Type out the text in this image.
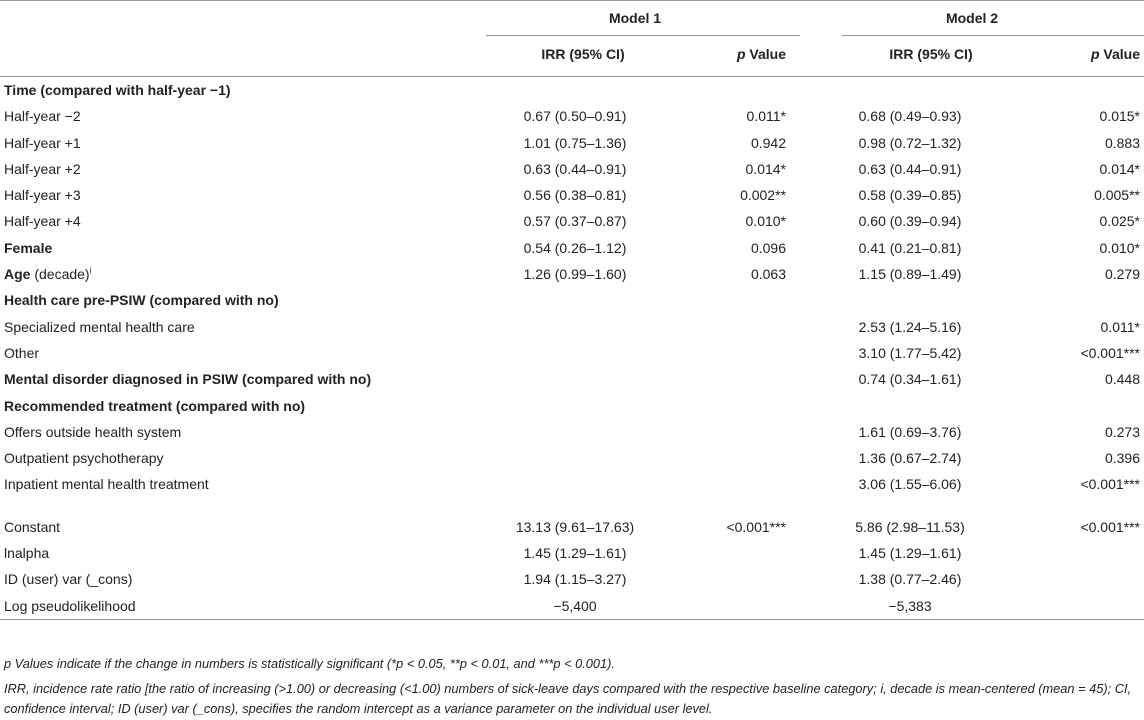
	Model 1		Model 2	

	IRR (95% CI)	p Value	IRR (95% CI)	p Value

Time (compared with half-year −1)				
Half-year −2	0.67 (0.50–0.91)	0.011*	0.68 (0.49–0.93)	0.015*
Half-year +1	1.01 (0.75–1.36)	0.942	0.98 (0.72–1.32)	0.883
Half-year +2	0.63 (0.44–0.91)	0.014*	0.63 (0.44–0.91)	0.014*
Half-year +3	0.56 (0.38–0.81)	0.002**	0.58 (0.39–0.85)	0.005**
Half-year +4	0.57 (0.37–0.87)	0.010*	0.60 (0.39–0.94)	0.025*
Female	0.54 (0.26–1.12)	0.096	0.41 (0.21–0.81)	0.010*
Age (decade)$^i$	1.26 (0.99–1.60)	0.063	1.15 (0.89–1.49)	0.279
Health care pre-PSIW (compared with no)				
Specialized mental health care			2.53 (1.24–5.16)	0.011*
Other			3.10 (1.77–5.42)	<0.001***
Mental disorder diagnosed in PSIW (compared with no)			0.74 (0.34–1.61)	0.448
Recommended treatment (compared with no)				
Offers outside health system			1.61 (0.69–3.76)	0.273
Outpatient psychotherapy			1.36 (0.67–2.74)	0.396
Inpatient mental health treatment			3.06 (1.55–6.06)	<0.001***

Constant	13.13 (9.61–17.63)	<0.001***	5.86 (2.98–11.53)	<0.001***
lnalpha	1.45 (1.29–1.61)		1.45 (1.29–1.61)	
ID (user) var (_cons)	1.94 (1.15–3.27)		1.38 (0.77–2.46)	
Log pseudolikelihood	−5,400		−5,383	

p Values indicate if the change in numbers is statistically significant (*p < 0.05, **p < 0.01, and ***p < 0.001).

IRR, incidence rate ratio [the ratio of increasing (>1.00) or decreasing (<1.00) numbers of sick-leave days compared with the respective baseline category; i, decade is mean-centered (mean = 45); CI, confidence interval; ID (user) var (_cons), specifies the random intercept as a variance parameter on the individual user level.
